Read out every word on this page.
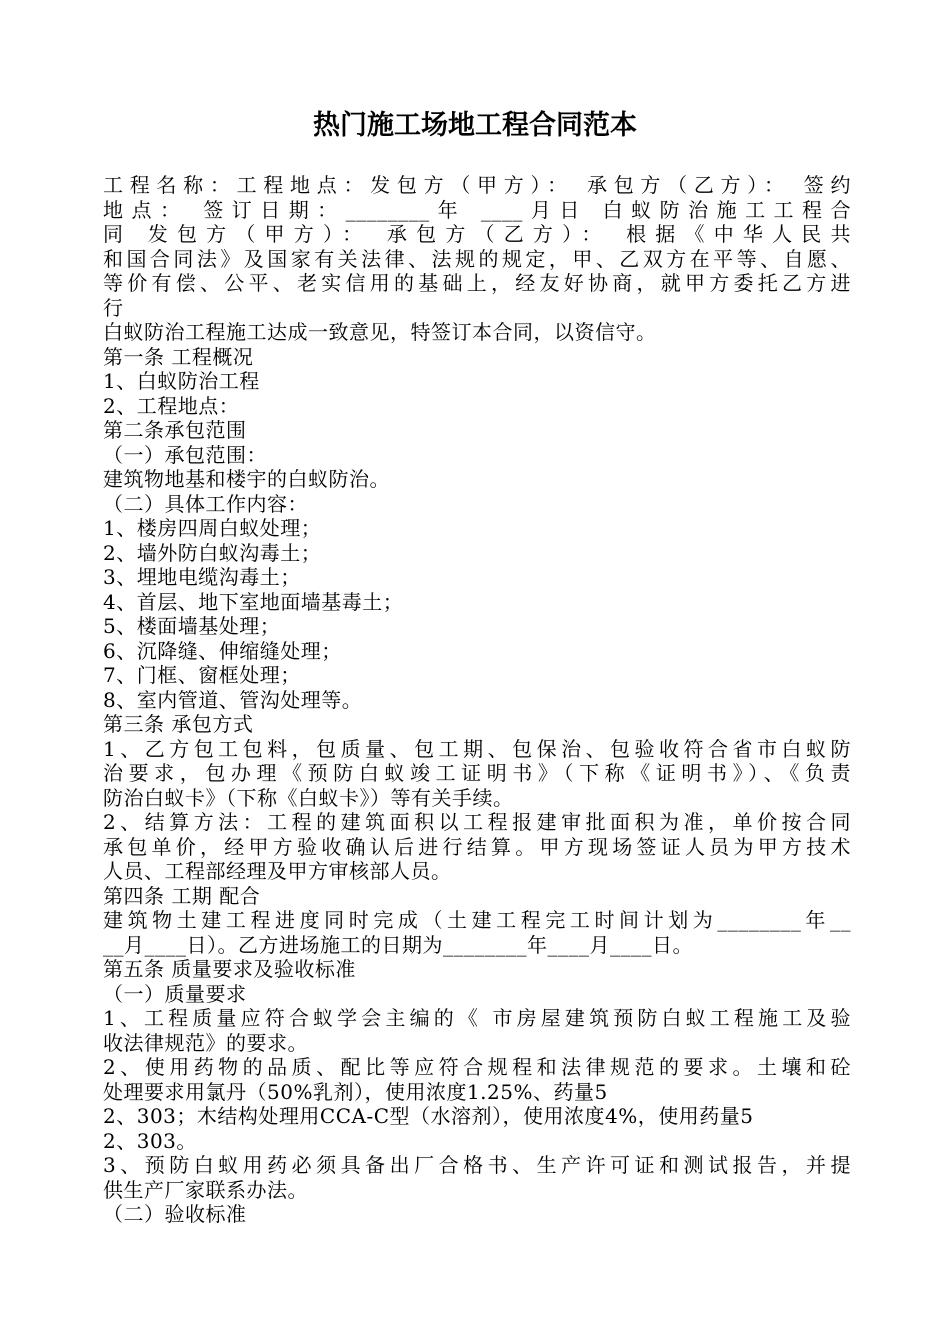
热门施工场地工程合同范本

工程名称：工程地点：发包方（甲方）： 承包方（乙方）： 签约

地点： 签订日期：________年 ____月日 白蚁防治施工工程合

同 发包方（甲方）： 承包方（乙方）： 根据《中华人民共

和国合同法》及国家有关法律、法规的规定，甲、乙双方在平等、自愿、

等价有偿、公平、老实信用的基础上，经友好协商，就甲方委托乙方进

行

白蚁防治工程施工达成一致意见，特签订本合同，以资信守。

第一条 工程概况

1、白蚁防治工程

2、工程地点：

第二条承包范围

（一）承包范围：

建筑物地基和楼宇的白蚁防治。

（二）具体工作内容：

1、楼房四周白蚁处理；

2、墙外防白蚁沟毒土；

3、埋地电缆沟毒土；

4、首层、地下室地面墙基毒土；

5、楼面墙基处理；

6、沉降缝、伸缩缝处理；

7、门框、窗框处理；

8、室内管道、管沟处理等。

第三条 承包方式

1、乙方包工包料，包质量、包工期、包保治、包验收符合省市白蚁防

治要求，包办理《预防白蚁竣工证明书》（下称《证明书》）、《负责

防治白蚁卡》（下称《白蚁卡》）等有关手续。

2、结算方法：工程的建筑面积以工程报建审批面积为准，单价按合同

承包单价，经甲方验收确认后进行结算。甲方现场签证人员为甲方技术

人员、工程部经理及甲方审核部人员。

第四条 工期 配合

建筑物土建工程进度同时完成（土建工程完工时间计划为________年__

__月____日）。乙方进场施工的日期为________年____月____日。

第五条 质量要求及验收标准

（一）质量要求

1、工程质量应符合蚁学会主编的《 市房屋建筑预防白蚁工程施工及验

收法律规范》的要求。

2、使用药物的品质、配比等应符合规程和法律规范的要求。土壤和砼

处理要求用氯丹（50%乳剂），使用浓度1.25%、药量5

2、303；木结构处理用CCA-C型（水溶剂），使用浓度4%，使用药量5

2、303。

3、预防白蚁用药必须具备出厂合格书、生产许可证和测试报告，并提

供生产厂家联系办法。

（二）验收标准
